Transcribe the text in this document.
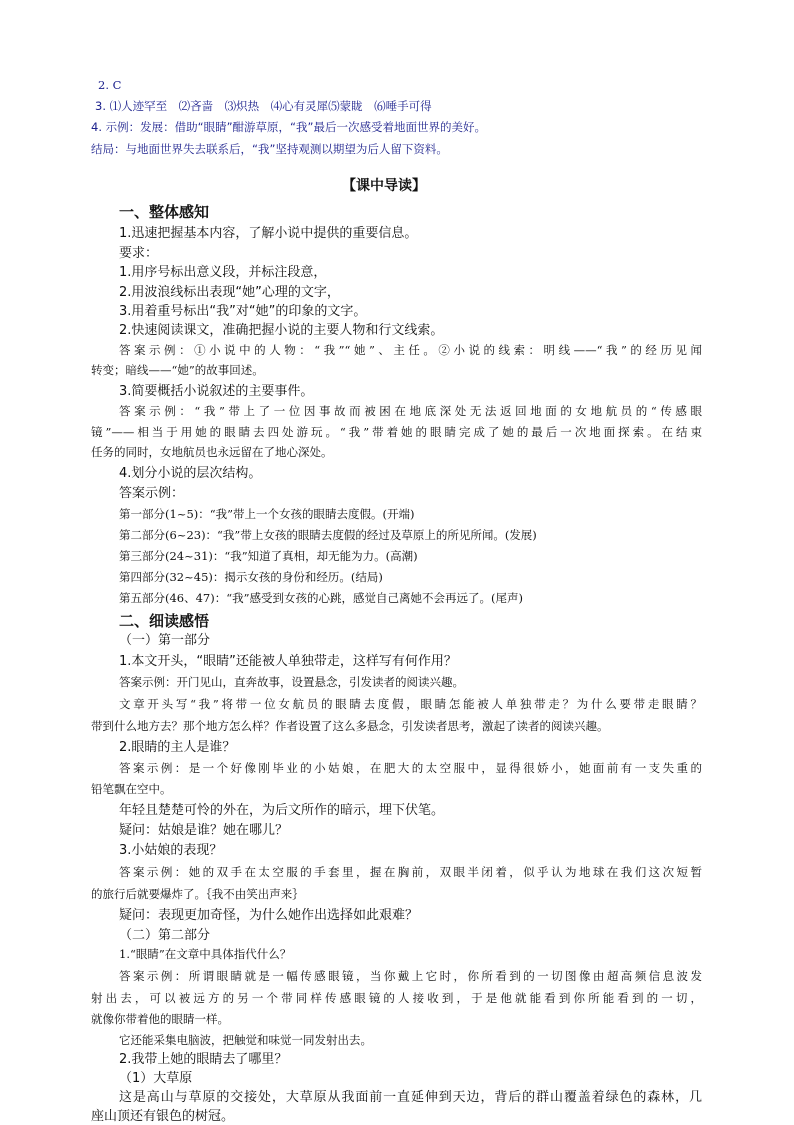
2. C

3. ⑴人迹罕至　⑵吝啬　⑶炽热　⑷心有灵犀⑸蒙眬　⑹唾手可得

4. 示例：发展：借助“眼睛”酣游草原，“我”最后一次感受着地面世界的美好。

结局：与地面世界失去联系后，“我”坚持观测以期望为后人留下资料。

【课中导读】

一、整体感知

1.迅速把握基本内容，了解小说中提供的重要信息。

要求：

1.用序号标出意义段，并标注段意，

2.用波浪线标出表现“她”心理的文字，

3.用着重号标出“我”对“她”的印象的文字。

2.快速阅读课文，准确把握小说的主要人物和行文线索。

答案示例：①小说中的人物：“我”“她”、主任。②小说的线索：明线——“我”的经历见闻

转变；暗线——“她”的故事回述。

3.简要概括小说叙述的主要事件。

答案示例：“我”带上了一位因事故而被困在地底深处无法返回地面的女地航员的“传感眼

镜”——相当于用她的眼睛去四处游玩。“我”带着她的眼睛完成了她的最后一次地面探索。在结束

任务的同时，女地航员也永远留在了地心深处。

4.划分小说的层次结构。

答案示例：

第一部分(1~5)：“我”带上一个女孩的眼睛去度假。(开端)

第二部分(6~23)：“我”带上女孩的眼睛去度假的经过及草原上的所见所闻。(发展)

第三部分(24~31)：“我”知道了真相，却无能为力。(高潮)

第四部分(32~45)：揭示女孩的身份和经历。(结局)

第五部分(46、47)：“我”感受到女孩的心跳，感觉自己离她不会再远了。(尾声)

二、细读感悟

（一）第一部分

1.本文开头，“眼睛”还能被人单独带走，这样写有何作用？

答案示例：开门见山，直奔故事，设置悬念，引发读者的阅读兴趣。

文章开头写“我”将带一位女航员的眼睛去度假，眼睛怎能被人单独带走？为什么要带走眼睛？

带到什么地方去？那个地方怎么样？作者设置了这么多悬念，引发读者思考，激起了读者的阅读兴趣。

2.眼睛的主人是谁？

答案示例：是一个好像刚毕业的小姑娘，在肥大的太空服中，显得很娇小，她面前有一支失重的

铅笔飘在空中。

年轻且楚楚可怜的外在，为后文所作的暗示，埋下伏笔。

疑问：姑娘是谁？她在哪儿？

3.小姑娘的表现？

答案示例：她的双手在太空服的手套里，握在胸前，双眼半闭着，似乎认为地球在我们这次短暂

的旅行后就要爆炸了。｛我不由笑出声来｝

疑问：表现更加奇怪，为什么她作出选择如此艰难？

（二）第二部分

1.“眼睛”在文章中具体指代什么？

答案示例：所谓眼睛就是一幅传感眼镜，当你戴上它时，你所看到的一切图像由超高频信息波发

射出去，可以被远方的另一个带同样传感眼镜的人接收到，于是他就能看到你所能看到的一切，

就像你带着他的眼睛一样。

它还能采集电脑波，把触觉和味觉一同发射出去。

2.我带上她的眼睛去了哪里？

（1）大草原

这是高山与草原的交接处，大草原从我面前一直延伸到天边，背后的群山覆盖着绿色的森林，几

座山顶还有银色的树冠。
